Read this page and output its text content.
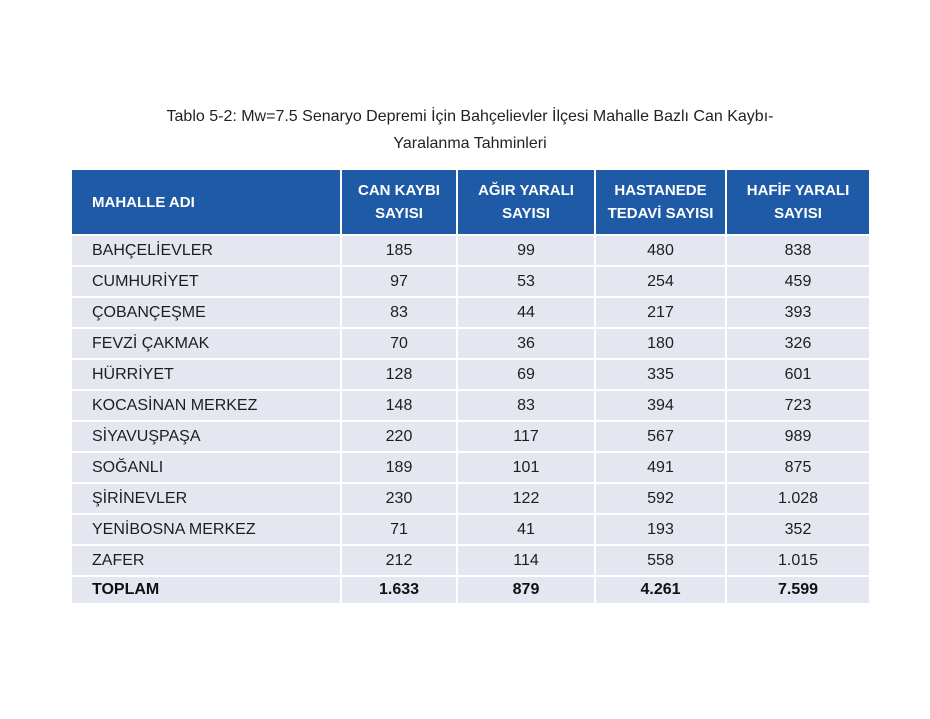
Tablo 5-2: Mw=7.5 Senaryo Depremi İçin Bahçelievler İlçesi Mahalle Bazlı Can Kaybı-
Yaralanma Tahminleri
MAHALLE ADI	CAN KAYBI SAYISI	AĞIR YARALI SAYISI	HASTANEDE TEDAVİ SAYISI	HAFİF YARALI SAYISI
BAHÇELİEVLER	185	99	480	838
CUMHURİYET	97	53	254	459
ÇOBANÇEŞME	83	44	217	393
FEVZİ ÇAKMAK	70	36	180	326
HÜRRİYET	128	69	335	601
KOCASİNAN MERKEZ	148	83	394	723
SİYAVUŞPAŞA	220	117	567	989
SOĞANLI	189	101	491	875
ŞİRİNEVLER	230	122	592	1.028
YENİBOSNA MERKEZ	71	41	193	352
ZAFER	212	114	558	1.015
TOPLAM	1.633	879	4.261	7.599
